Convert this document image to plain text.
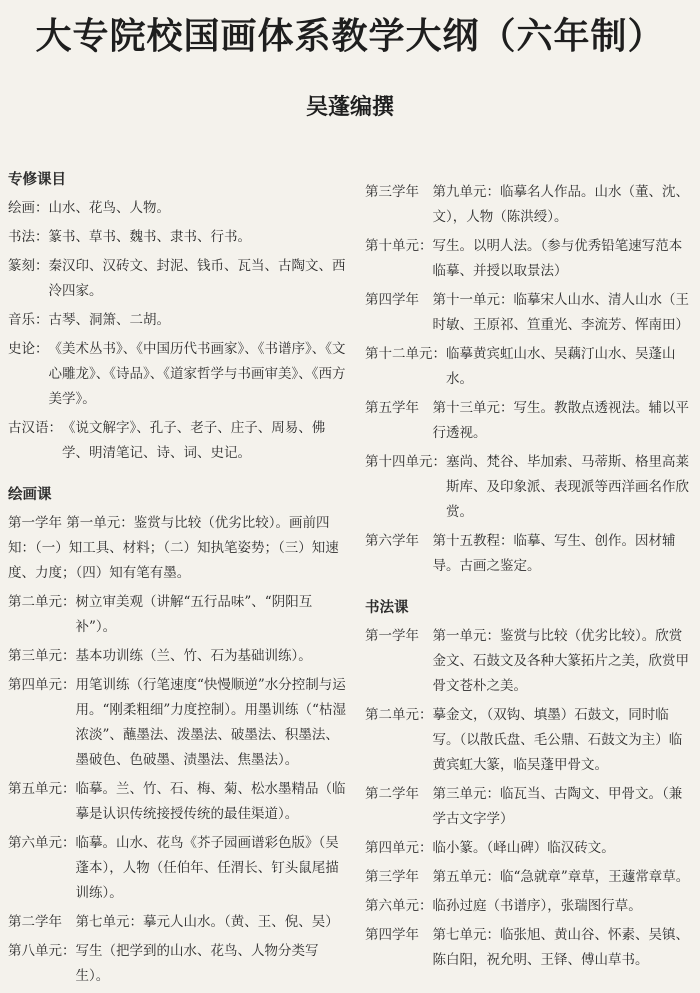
大专院校国画体系教学大纲（六年制）
吴蓬编撰
专修课目
绘画： 山水、花鸟、人物。
书法： 篆书、草书、魏书、隶书、行书。
篆刻： 秦汉印、汉砖文、封泥、钱币、瓦当、古陶文、西泠四家。
音乐： 古琴、洞箫、二胡。
史论： 《美术丛书》、《中国历代书画家》、《书谱序》、《文心雕龙》、《诗品》、《道家哲学与书画审美》、《西方美学》。
古汉语： 《说文解字》、孔子、老子、庄子、周易、佛学、明清笔记、诗、词、史记。
绘画课
第一学年 第一单元：鉴赏与比较（优劣比较）。画前四知：（一）知工具、材料；（二）知执笔姿势；（三）知速度、力度；（四）知有笔有墨。
第二单元： 树立审美观（讲解“五行品味”、“阴阳互补”）。
第三单元： 基本功训练（兰、竹、石为基础训练）。
第四单元： 用笔训练（行笔速度“快慢顺逆”水分控制与运用。“刚柔粗细”力度控制）。用墨训练（“枯湿浓淡”、蘸墨法、泼墨法、破墨法、积墨法、墨破色、色破墨、渍墨法、焦墨法）。
第五单元： 临摹。兰、竹、石、梅、菊、松水墨精品（临摹是认识传统接授传统的最佳渠道）。
第六单元： 临摹。山水、花鸟《芥子园画谱彩色版》（吴蓬本），人物（任伯年、任渭长、钉头鼠尾描训练）。
第二学年　 第七单元：摹元人山水。（黄、王、倪、吴）
第八单元： 写生（把学到的山水、花鸟、人物分类写生）。
第三学年　 第九单元：临摹名人作品。山水（董、沈、文），人物（陈洪绶）。
第十单元： 写生。以明人法。（参与优秀铅笔速写范本临摹、并授以取景法）
第四学年　 第十一单元：临摹宋人山水、清人山水（王时敏、王原祁、笪重光、李流芳、恽南田）
第十二单元： 临摹黄宾虹山水、吴藕汀山水、吴蓬山水。
第五学年　 第十三单元：写生。教散点透视法。辅以平行透视。
第十四单元： 塞尚、梵谷、毕加索、马蒂斯、格里高莱斯库、及印象派、表现派等西洋画名作欣赏。
第六学年　 第十五教程：临摹、写生、创作。因材辅导。古画之鉴定。
书法课
第一学年　 第一单元：鉴赏与比较（优劣比较）。欣赏金文、石鼓文及各种大篆拓片之美，欣赏甲骨文苍朴之美。
第二单元： 摹金文，（双钩、填墨）石鼓文，同时临写。（以散氏盘、毛公鼎、石鼓文为主）临黄宾虹大篆，临吴蓬甲骨文。
第二学年　 第三单元：临瓦当、古陶文、甲骨文。（兼学古文字学）
第四单元： 临小篆。（峄山碑）临汉砖文。
第三学年　 第五单元：临“急就章”章草，王蘧常章草。
第六单元： 临孙过庭（书谱序），张瑞图行草。
第四学年　 第七单元：临张旭、黄山谷、怀素、吴镇、陈白阳，祝允明、王铎、傅山草书。
